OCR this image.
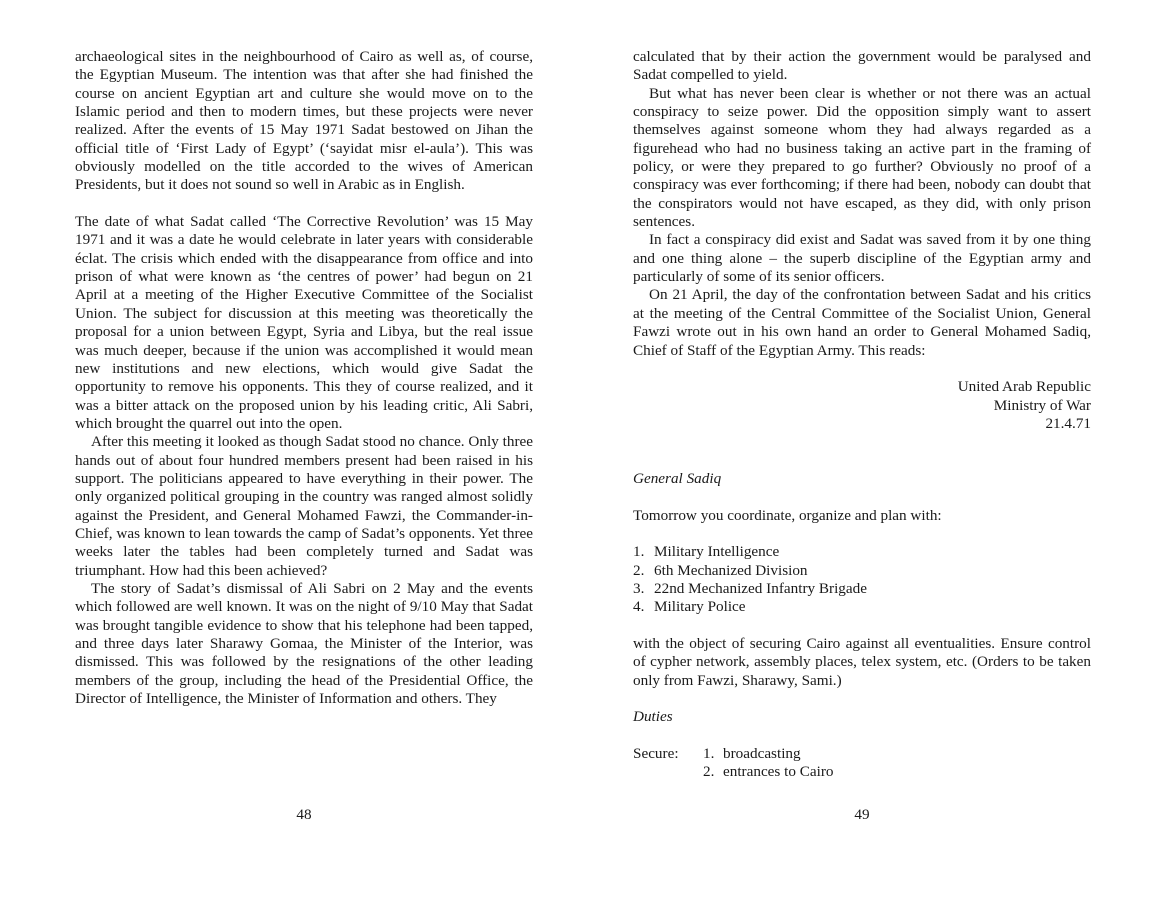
archaeological sites in the neighbourhood of Cairo as well as, of course, the Egyptian Museum. The intention was that after she had finished the course on ancient Egyptian art and culture she would move on to the Islamic period and then to modern times, but these projects were never realized. After the events of 15 May 1971 Sadat bestowed on Jihan the official title of ‘First Lady of Egypt’ (‘sayidat misr el-aula’). This was obviously modelled on the title accorded to the wives of American Presidents, but it does not sound so well in Arabic as in English.

The date of what Sadat called ‘The Corrective Revolution’ was 15 May 1971 and it was a date he would celebrate in later years with considerable éclat. The crisis which ended with the disappearance from office and into prison of what were known as ‘the centres of power’ had begun on 21 April at a meeting of the Higher Executive Committee of the Socialist Union. The subject for discussion at this meeting was theoretically the proposal for a union between Egypt, Syria and Libya, but the real issue was much deeper, because if the union was accomplished it would mean new institutions and new elections, which would give Sadat the opportunity to remove his opponents. This they of course realized, and it was a bitter attack on the proposed union by his leading critic, Ali Sabri, which brought the quarrel out into the open.

After this meeting it looked as though Sadat stood no chance. Only three hands out of about four hundred members present had been raised in his support. The politicians appeared to have everything in their power. The only organized political grouping in the country was ranged almost solidly against the President, and General Mohamed Fawzi, the Commander-in-Chief, was known to lean towards the camp of Sadat’s opponents. Yet three weeks later the tables had been completely turned and Sadat was triumphant. How had this been achieved?

The story of Sadat’s dismissal of Ali Sabri on 2 May and the events which followed are well known. It was on the night of 9/10 May that Sadat was brought tangible evidence to show that his telephone had been tapped, and three days later Sharawy Gomaa, the Minister of the Interior, was dismissed. This was followed by the resignations of the other leading members of the group, including the head of the Presidential Office, the Director of Intelligence, the Minister of Information and others. They

48

calculated that by their action the government would be paralysed and Sadat compelled to yield.

But what has never been clear is whether or not there was an actual conspiracy to seize power. Did the opposition simply want to assert themselves against someone whom they had always regarded as a figurehead who had no business taking an active part in the framing of policy, or were they prepared to go further? Obviously no proof of a conspiracy was ever forthcoming; if there had been, nobody can doubt that the conspirators would not have escaped, as they did, with only prison sentences.

In fact a conspiracy did exist and Sadat was saved from it by one thing and one thing alone – the superb discipline of the Egyptian army and particularly of some of its senior officers.

On 21 April, the day of the confrontation between Sadat and his critics at the meeting of the Central Committee of the Socialist Union, General Fawzi wrote out in his own hand an order to General Mohamed Sadiq, Chief of Staff of the Egyptian Army. This reads:

United Arab Republic
Ministry of War
21.4.71
General Sadiq
Tomorrow you coordinate, organize and plan with:
1. Military Intelligence
2. 6th Mechanized Division
3. 22nd Mechanized Infantry Brigade
4. Military Police

with the object of securing Cairo against all eventualities. Ensure control of cypher network, assembly places, telex system, etc. (Orders to be taken only from Fawzi, Sharawy, Sami.)

Duties
Secure:	1. broadcasting
2. entrances to Cairo
49
